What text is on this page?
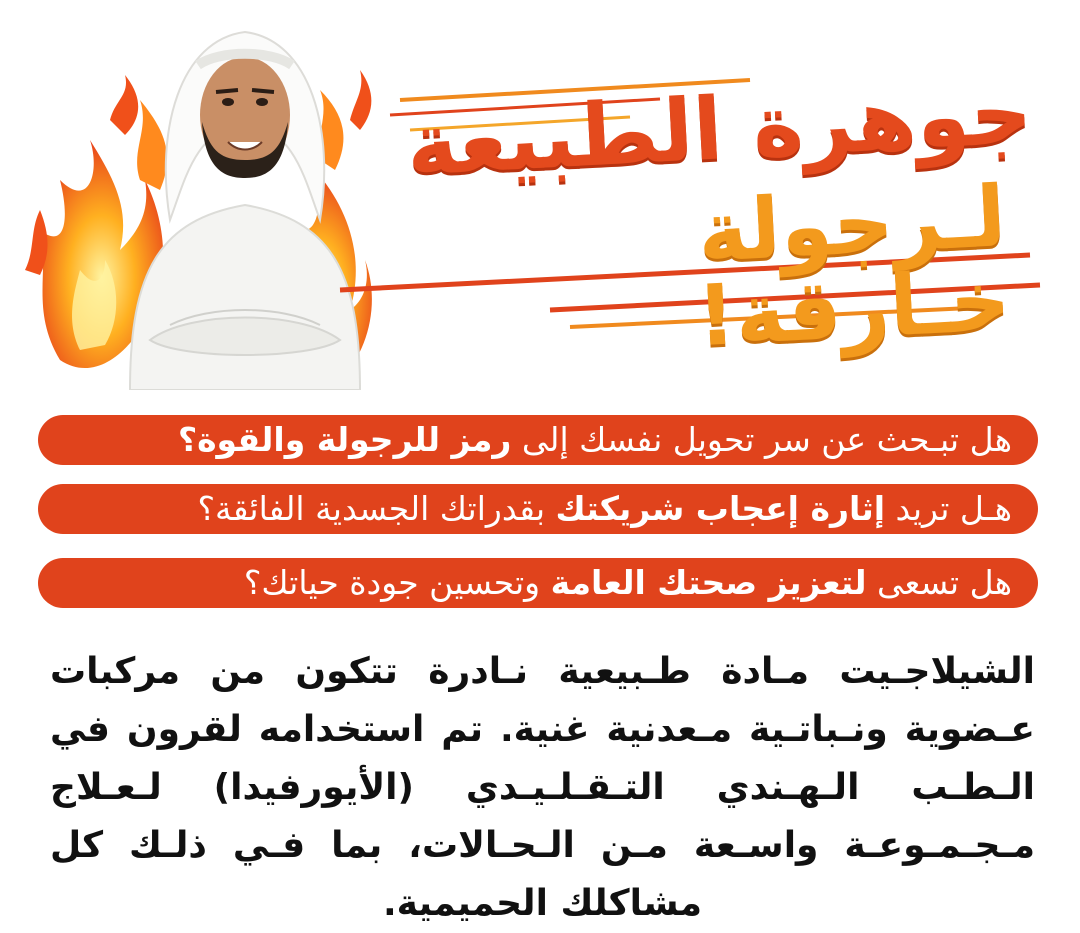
جوهرة الطبيعة
لـرجولة خـارقة!
هل تبـحث عن سر تحويل نفسك إلى رمز للرجولة والقوة؟
هـل تريد إثارة إعجاب شريكتك بقدراتك الجسدية الفائقة؟
هل تسعى لتعزيز صحتك العامة وتحسين جودة حياتك؟
الشيلاجـيت مـادة طـبيعية نـادرة تتكون من مركبات عـضوية ونـباتـية مـعدنية غنية. تم استخدامه لقرون في الـطـب الـهـندي التـقـلـيـدي (الأيورفيدا) لـعـلاج مـجـمـوعـة واسـعة مـن الـحـالات، بما فـي ذلـك كل مشاكلك الحميمية.
